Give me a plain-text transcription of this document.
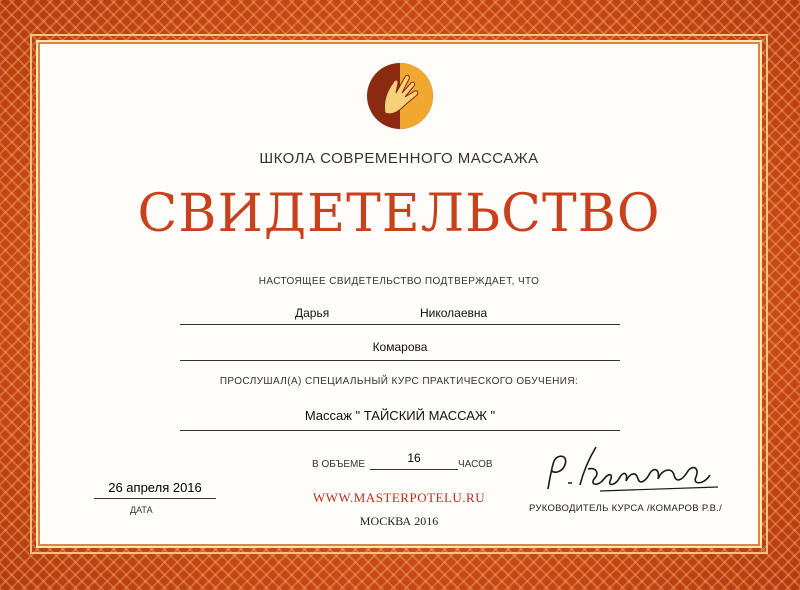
ШКОЛА СОВРЕМЕННОГО МАССАЖА
СВИДЕТЕЛЬСТВО
НАСТОЯЩЕЕ СВИДЕТЕЛЬСТВО ПОДТВЕРЖДАЕТ, ЧТО
Дарья	Николаевна
Комарова
ПРОСЛУШАЛ(А) СПЕЦИАЛЬНЫЙ КУРС ПРАКТИЧЕСКОГО ОБУЧЕНИЯ:
Массаж " ТАЙСКИЙ МАССАЖ "
В ОБЪЕМЕ	16	ЧАСОВ
26 апреля 2016
ДАТА
WWW.MASTERPOTELU.RU
МОСКВА 2016
РУКОВОДИТЕЛЬ КУРСА /КОМАРОВ Р.В./
